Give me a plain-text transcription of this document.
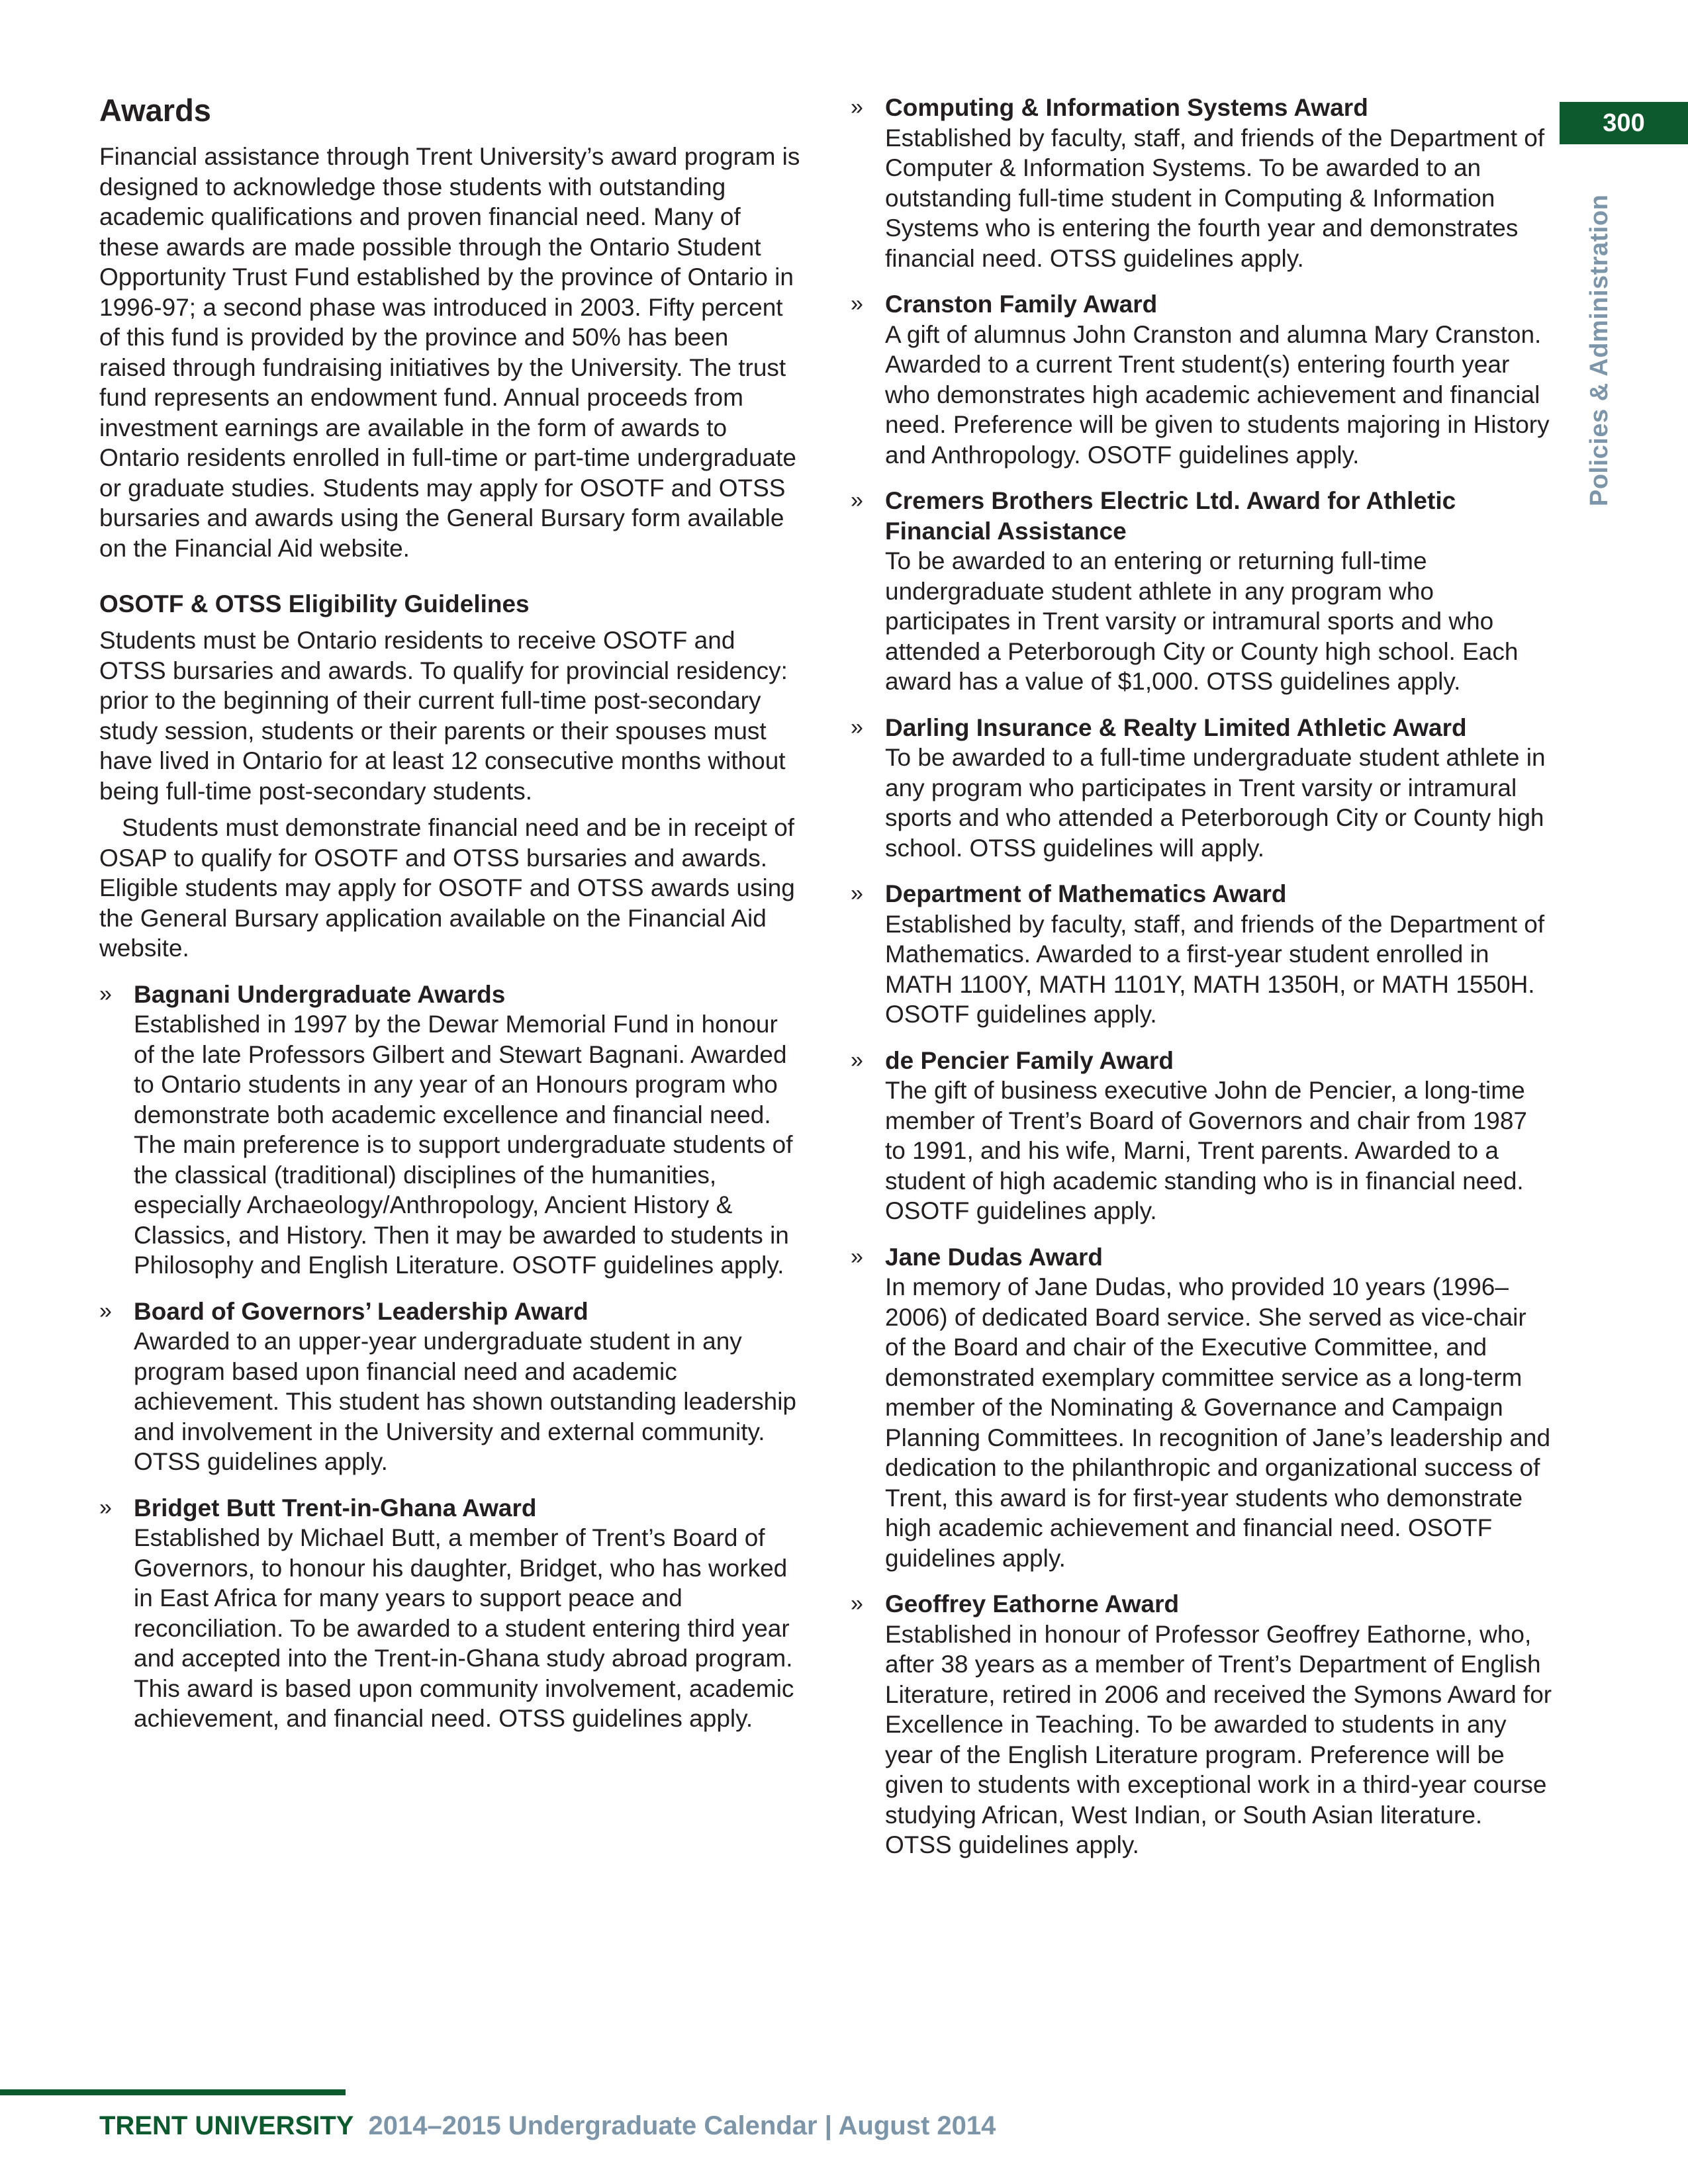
300
Policies & Administration
Awards

Financial assistance through Trent University’s award program is designed to acknowledge those students with outstanding academic qualifications and proven financial need. Many of these awards are made possible through the Ontario Student Opportunity Trust Fund established by the province of Ontario in 1996-97; a second phase was introduced in 2003. Fifty percent of this fund is provided by the province and 50% has been raised through fundraising initiatives by the University. The trust fund represents an endowment fund. Annual proceeds from investment earnings are available in the form of awards to Ontario residents enrolled in full-time or part-time undergraduate or graduate studies. Students may apply for OSOTF and OTSS bursaries and awards using the General Bursary form available on the Financial Aid website.

OSOTF & OTSS Eligibility Guidelines

Students must be Ontario residents to receive OSOTF and OTSS bursaries and awards. To qualify for provincial residency: prior to the beginning of their current full-time post-secondary study session, students or their parents or their spouses must have lived in Ontario for at least 12 consecutive months without being full-time post-secondary students.

Students must demonstrate financial need and be in receipt of OSAP to qualify for OSOTF and OTSS bursaries and awards. Eligible students may apply for OSOTF and OTSS awards using the General Bursary application available on the Financial Aid website.

» Bagnani Undergraduate Awards
Established in 1997 by the Dewar Memorial Fund in honour of the late Professors Gilbert and Stewart Bagnani. Awarded to Ontario students in any year of an Honours program who demonstrate both academic excellence and financial need. The main preference is to support undergraduate students of the classical (traditional) disciplines of the humanities, especially Archaeology/Anthropology, Ancient History & Classics, and History. Then it may be awarded to students in Philosophy and English Literature. OSOTF guidelines apply.
» Board of Governors’ Leadership Award
Awarded to an upper-year undergraduate student in any program based upon financial need and academic achievement. This student has shown outstanding leadership and involvement in the University and external community. OTSS guidelines apply.
» Bridget Butt Trent-in-Ghana Award
Established by Michael Butt, a member of Trent’s Board of Governors, to honour his daughter, Bridget, who has worked in East Africa for many years to support peace and reconciliation. To be awarded to a student entering third year and accepted into the Trent-in-Ghana study abroad program. This award is based upon community involvement, academic achievement, and financial need. OTSS guidelines apply.
» Computing & Information Systems Award
Established by faculty, staff, and friends of the Department of Computer & Information Systems. To be awarded to an outstanding full-time student in Computing & Information Systems who is entering the fourth year and demonstrates financial need. OTSS guidelines apply.
» Cranston Family Award
A gift of alumnus John Cranston and alumna Mary Cranston. Awarded to a current Trent student(s) entering fourth year who demonstrates high academic achievement and financial need. Preference will be given to students majoring in History and Anthropology. OSOTF guidelines apply.
» Cremers Brothers Electric Ltd. Award for Athletic Financial Assistance
To be awarded to an entering or returning full-time undergraduate student athlete in any program who participates in Trent varsity or intramural sports and who attended a Peterborough City or County high school. Each award has a value of $1,000. OTSS guidelines apply.
» Darling Insurance & Realty Limited Athletic Award
To be awarded to a full-time undergraduate student athlete in any program who participates in Trent varsity or intramural sports and who attended a Peterborough City or County high school. OTSS guidelines will apply.
» Department of Mathematics Award
Established by faculty, staff, and friends of the Department of Mathematics. Awarded to a first-year student enrolled in MATH 1100Y, MATH 1101Y, MATH 1350H, or MATH 1550H. OSOTF guidelines apply.
» de Pencier Family Award
The gift of business executive John de Pencier, a long-time member of Trent’s Board of Governors and chair from 1987 to 1991, and his wife, Marni, Trent parents. Awarded to a student of high academic standing who is in financial need. OSOTF guidelines apply.
» Jane Dudas Award
In memory of Jane Dudas, who provided 10 years (1996–2006) of dedicated Board service. She served as vice-chair of the Board and chair of the Executive Committee, and demonstrated exemplary committee service as a long-term member of the Nominating & Governance and Campaign Planning Committees. In recognition of Jane’s leadership and dedication to the philanthropic and organizational success of Trent, this award is for first-year students who demonstrate high academic achievement and financial need. OSOTF guidelines apply.
» Geoffrey Eathorne Award
Established in honour of Professor Geoffrey Eathorne, who, after 38 years as a member of Trent’s Department of English Literature, retired in 2006 and received the Symons Award for Excellence in Teaching. To be awarded to students in any year of the English Literature program. Preference will be given to students with exceptional work in a third-year course studying African, West Indian, or South Asian literature. OTSS guidelines apply.
TRENT UNIVERSITY 2014–2015 Undergraduate Calendar | August 2014
